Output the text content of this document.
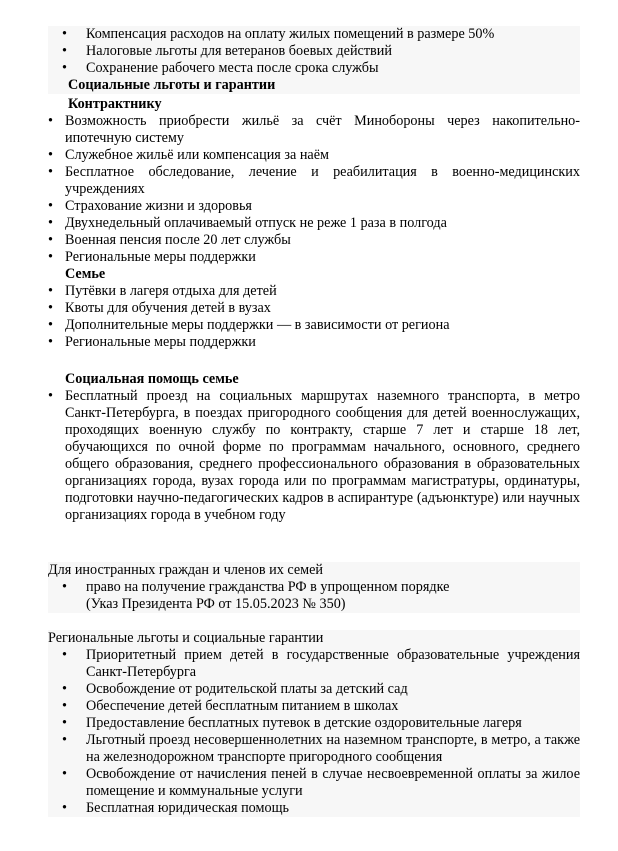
• Компенсация расходов на оплату жилых помещений в размере 50%
• Налоговые льготы для ветеранов боевых действий
• Сохранение рабочего места после срока службы
Социальные льготы и гарантии
Контрактнику
• Возможность приобрести жильё за счёт Минобороны через накопительно-ипотечную систему
• Служебное жильё или компенсация за наём
• Бесплатное обследование, лечение и реабилитация в военно-медицинских учреждениях
• Страхование жизни и здоровья
• Двухнедельный оплачиваемый отпуск не реже 1 раза в полгода
• Военная пенсия после 20 лет службы
• Региональные меры поддержки
Семье
• Путёвки в лагеря отдыха для детей
• Квоты для обучения детей в вузах
• Дополнительные меры поддержки — в зависимости от региона
• Региональные меры поддержки
Социальная помощь семье
• Бесплатный проезд на социальных маршрутах наземного транспорта, в метро Санкт-Петербурга, в поездах пригородного сообщения для детей военнослужащих, проходящих военную службу по контракту, старше 7 лет и старше 18 лет, обучающихся по очной форме по программам начального, основного, среднего общего образования, среднего профессионального образования в образовательных организациях города, вузах города или по программам магистратуры, ординатуры, подготовки научно-педагогических кадров в аспирантуре (адъюнктуре) или научных организациях города в учебном году
Для иностранных граждан и членов их семей
• право на получение гражданства РФ в упрощенном порядке
(Указ Президента РФ от 15.05.2023 № 350)
Региональные льготы и социальные гарантии
• Приоритетный прием детей в государственные образовательные учреждения Санкт-Петербурга
• Освобождение от родительской платы за детский сад
• Обеспечение детей бесплатным питанием в школах
• Предоставление бесплатных путевок в детские оздоровительные лагеря
• Льготный проезд несовершеннолетних на наземном транспорте, в метро, а также на железнодорожном транспорте пригородного сообщения
• Освобождение от начисления пеней в случае несвоевременной оплаты за жилое помещение и коммунальные услуги
• Бесплатная юридическая помощь
